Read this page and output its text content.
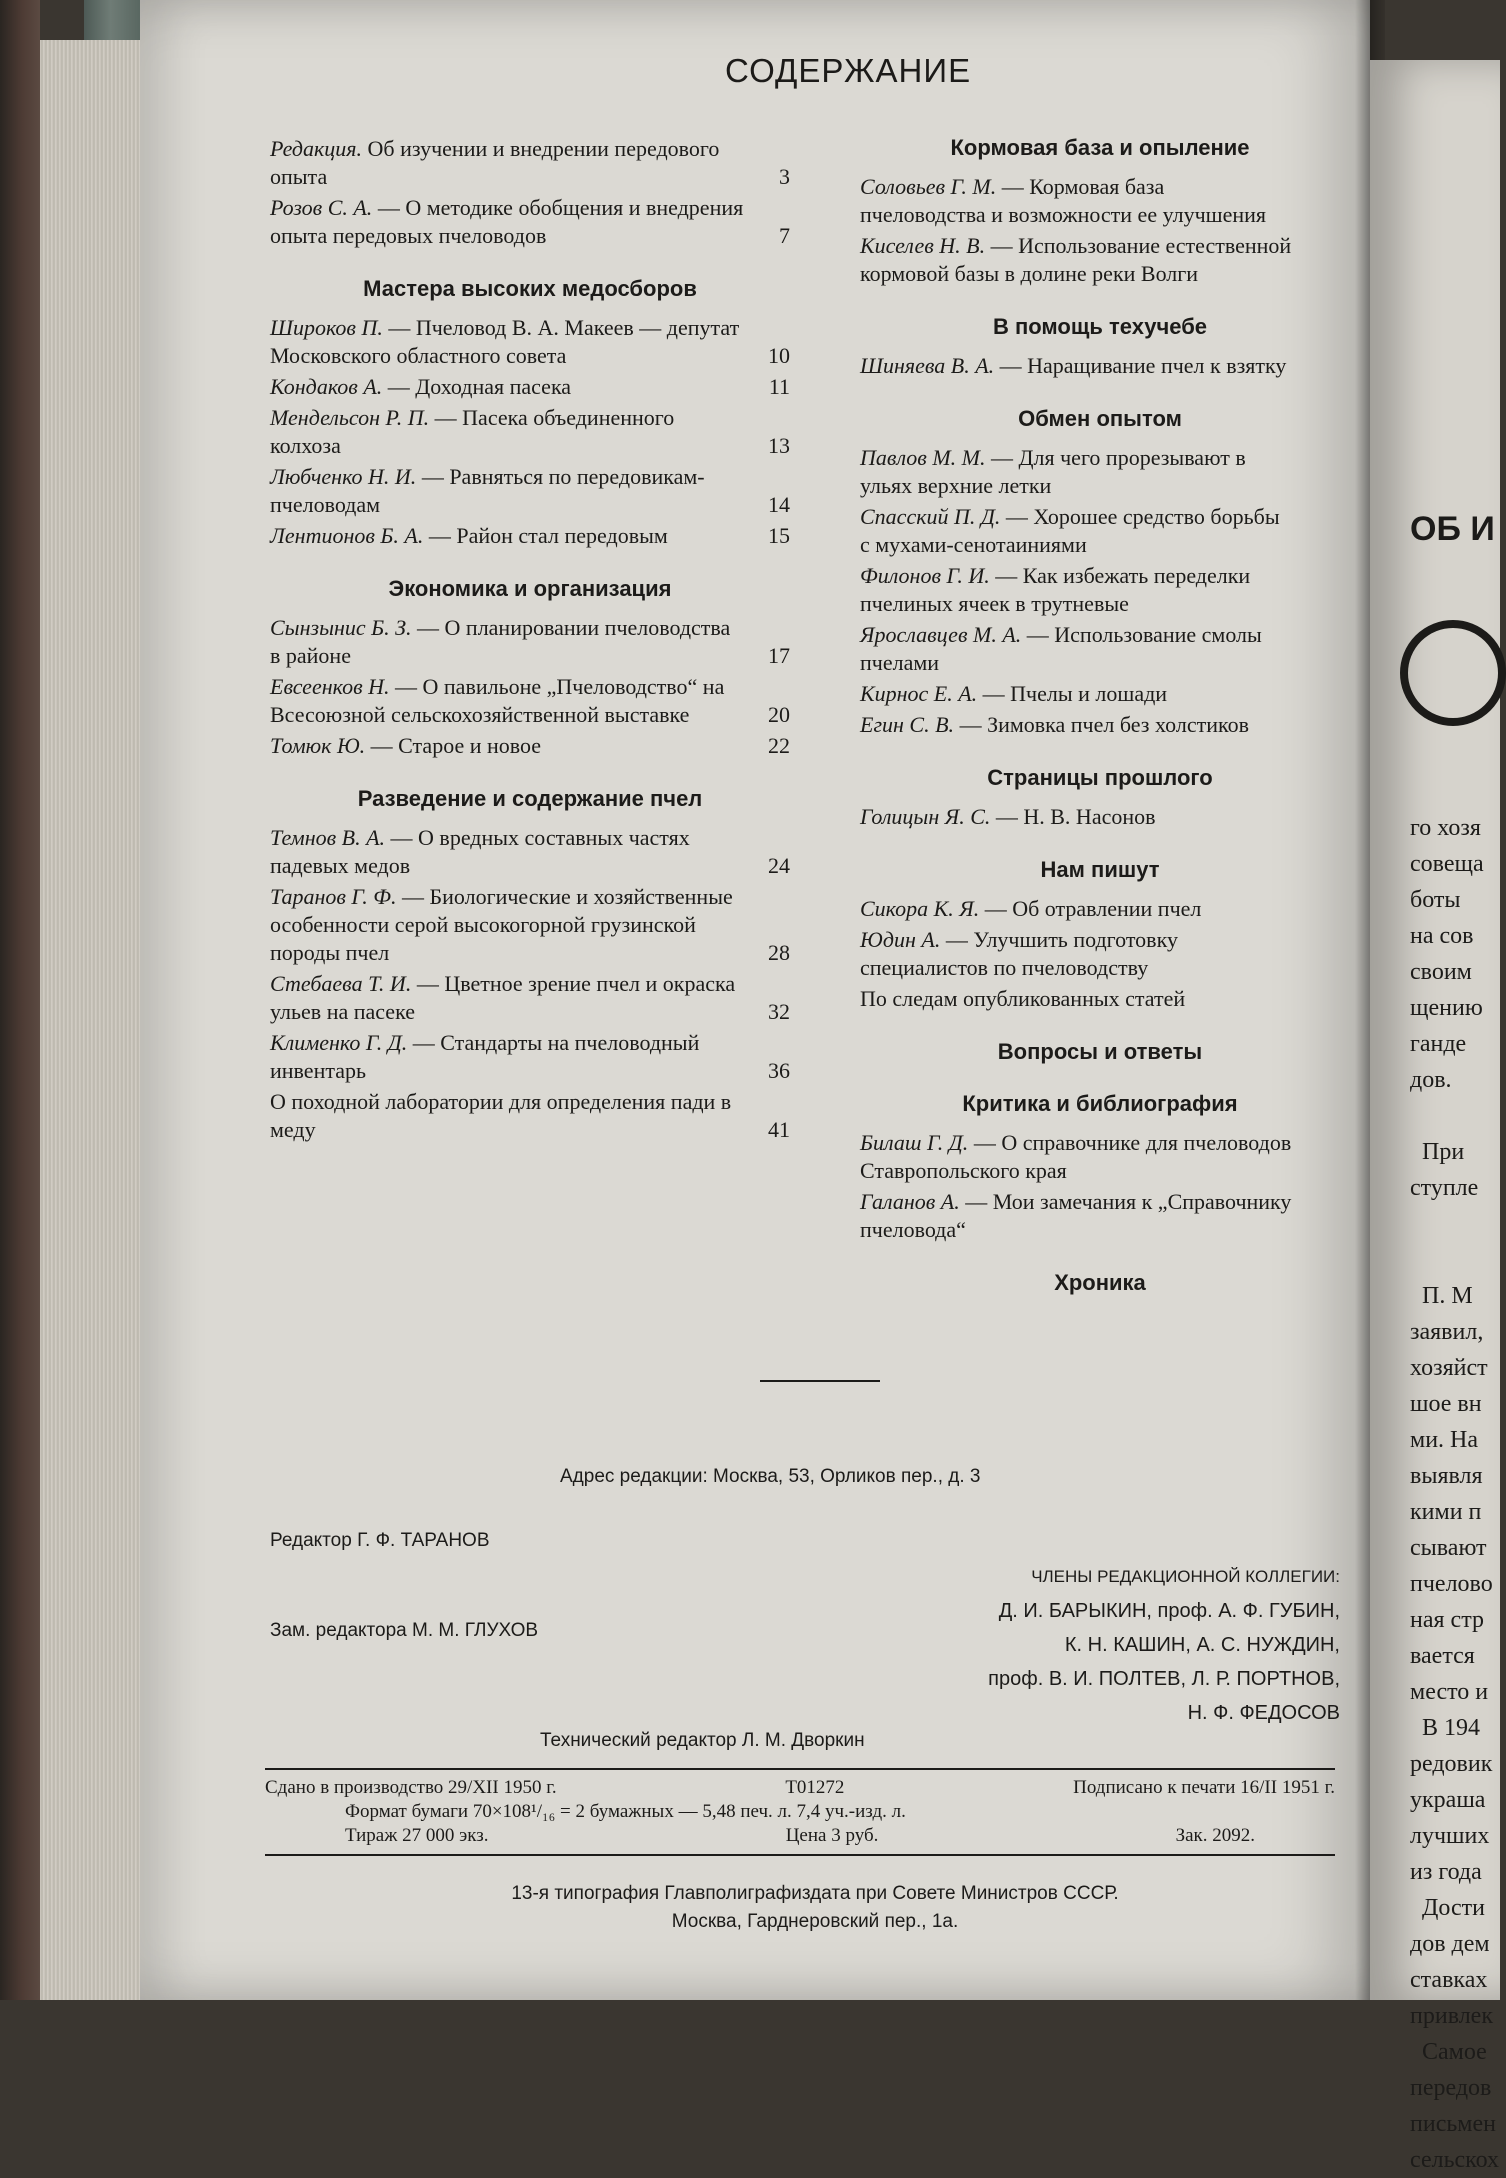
ОБ И
го хозя
совеща
боты
на сов
своим
щению
ганде
дов.

При
ступле

П. М
заявил,
хозяйст
шое вн
ми. На
выявля
кими п
сывают
пчелово
ная стр
вается
место и
В 194
редовик
украша
лучших
из года
Дости
дов дем
ставках
привлек
Самое
передов
письмен
сельскох
СОДЕРЖАНИЕ
Редакция. Об изучении и внедрении передового опыта	3
Розов С. А. — О методике обобщения и внедрения опыта передовых пчеловодов	7
Мастера высоких медосборов
Широков П. — Пчеловод В. А. Макеев — депутат Московского областного совета	10
Кондаков А. — Доходная пасека	11
Мендельсон Р. П. — Пасека объединенного колхоза	13
Любченко Н. И. — Равняться по передовикам-пчеловодам	14
Лентионов Б. А. — Район стал передовым	15
Экономика и организация
Сынзынис Б. З. — О планировании пчеловодства в районе	17
Евсеенков Н. — О павильоне „Пчеловодство“ на Всесоюзной сельскохозяйственной выставке	20
Томюк Ю. — Старое и новое	22
Разведение и содержание пчел
Темнов В. А. — О вредных составных частях падевых медов	24
Таранов Г. Ф. — Биологические и хозяйственные особенности серой высокогорной грузинской породы пчел	28
Стебаева Т. И. — Цветное зрение пчел и окраска ульев на пасеке	32
Клименко Г. Д. — Стандарты на пчеловодный инвентарь	36
О походной лаборатории для определения пади в меду	41
Кормовая база и опыление
Соловьев Г. М. — Кормовая база пчеловодства и возможности ее улучшения
Киселев Н. В. — Использование естественной кормовой базы в долине реки Волги
В помощь техучебе
Шиняева В. А. — Наращивание пчел к взятку
Обмен опытом
Павлов М. М. — Для чего прорезывают в ульях верхние летки
Спасский П. Д. — Хорошее средство борьбы с мухами-сенотаиниями
Филонов Г. И. — Как избежать переделки пчелиных ячеек в трутневые
Ярославцев М. А. — Использование смолы пчелами
Кирнос Е. А. — Пчелы и лошади
Егин С. В. — Зимовка пчел без холстиков
Страницы прошлого
Голицын Я. С. — Н. В. Насонов
Нам пишут
Сикора К. Я. — Об отравлении пчел
Юдин А. — Улучшить подготовку специалистов по пчеловодству
По следам опубликованных статей
Вопросы и ответы
Критика и библиография
Билаш Г. Д. — О справочнике для пчеловодов Ставропольского края
Галанов А. — Мои замечания к „Справочнику пчеловода“
Хроника
Адрес редакции: Москва, 53, Орликов пер., д. 3
Редактор Г. Ф. ТАРАНОВ
Зам. редактора М. М. ГЛУХОВ
ЧЛЕНЫ РЕДАКЦИОННОЙ КОЛЛЕГИИ:
Д. И. БАРЫКИН, проф. А. Ф. ГУБИН,
К. Н. КАШИН, А. С. НУЖДИН,
проф. В. И. ПОЛТЕВ, Л. Р. ПОРТНОВ,
Н. Ф. ФЕДОСОВ
Технический редактор Л. М. Дворкин
Сдано в производство 29/XII 1950 г.	Т01272	Подписано к печати 16/II 1951 г.
Формат бумаги 70×108¹/₁₆ = 2 бумажных — 5,48 печ. л. 7,4 уч.-изд. л.
Тираж 27 000 экз.	Цена 3 руб.	Зак. 2092.
13-я типография Главполиграфиздата при Совете Министров СССР.
Москва, Гарднеровский пер., 1а.
